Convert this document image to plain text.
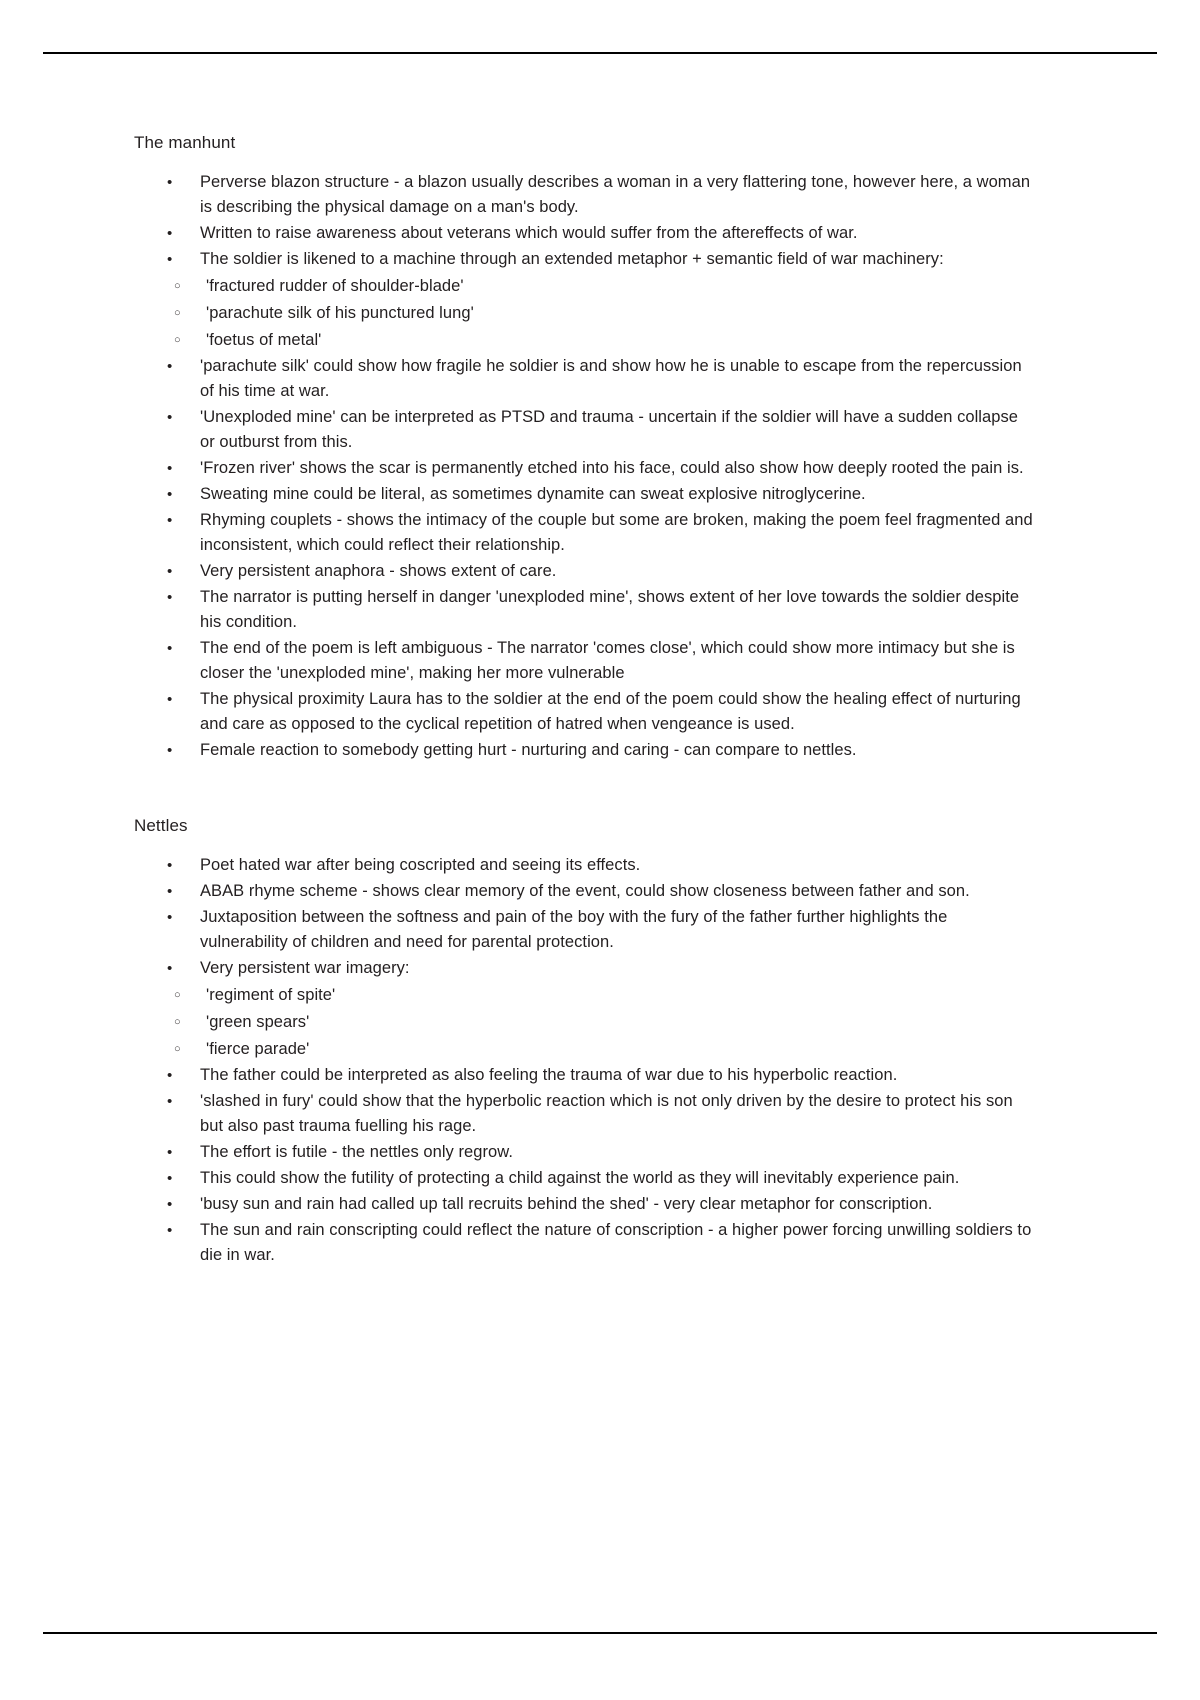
The manhunt
• Perverse blazon structure - a blazon usually describes a woman in a very flattering tone, however here, a woman is describing the physical damage on a man's body.
• Written to raise awareness about veterans which would suffer from the aftereffects of war.
• The soldier is likened to a machine through an extended metaphor + semantic field of war machinery:
○ 'fractured rudder of shoulder-blade'
○ 'parachute silk of his punctured lung'
○ 'foetus of metal'
• 'parachute silk' could show how fragile he soldier is and show how he is unable to escape from the repercussion of his time at war.
• 'Unexploded mine' can be interpreted as PTSD and trauma - uncertain if the soldier will have a sudden collapse or outburst from this.
• 'Frozen river' shows the scar is permanently etched into his face, could also show how deeply rooted the pain is.
• Sweating mine could be literal, as sometimes dynamite can sweat explosive nitroglycerine.
• Rhyming couplets - shows the intimacy of the couple but some are broken, making the poem feel fragmented and inconsistent, which could reflect their relationship.
• Very persistent anaphora - shows extent of care.
• The narrator is putting herself in danger 'unexploded mine', shows extent of her love towards the soldier despite his condition.
• The end of the poem is left ambiguous - The narrator 'comes close', which could show more intimacy but she is closer the 'unexploded mine', making her more vulnerable
• The physical proximity Laura has to the soldier at the end of the poem could show the healing effect of nurturing and care as opposed to the cyclical repetition of hatred when vengeance is used.
• Female reaction to somebody getting hurt - nurturing and caring - can compare to nettles.
Nettles
• Poet hated war after being coscripted and seeing its effects.
• ABAB rhyme scheme - shows clear memory of the event, could show closeness between father and son.
• Juxtaposition between the softness and pain of the boy with the fury of the father further highlights the vulnerability of children and need for parental protection.
• Very persistent war imagery:
○ 'regiment of spite'
○ 'green spears'
○ 'fierce parade'
• The father could be interpreted as also feeling the trauma of war due to his hyperbolic reaction.
• 'slashed in fury' could show that the hyperbolic reaction which is not only driven by the desire to protect his son but also past trauma fuelling his rage.
• The effort is futile - the nettles only regrow.
• This could show the futility of protecting a child against the world as they will inevitably experience pain.
• 'busy sun and rain had called up tall recruits behind the shed' - very clear metaphor for conscription.
• The sun and rain conscripting could reflect the nature of conscription - a higher power forcing unwilling soldiers to die in war.
